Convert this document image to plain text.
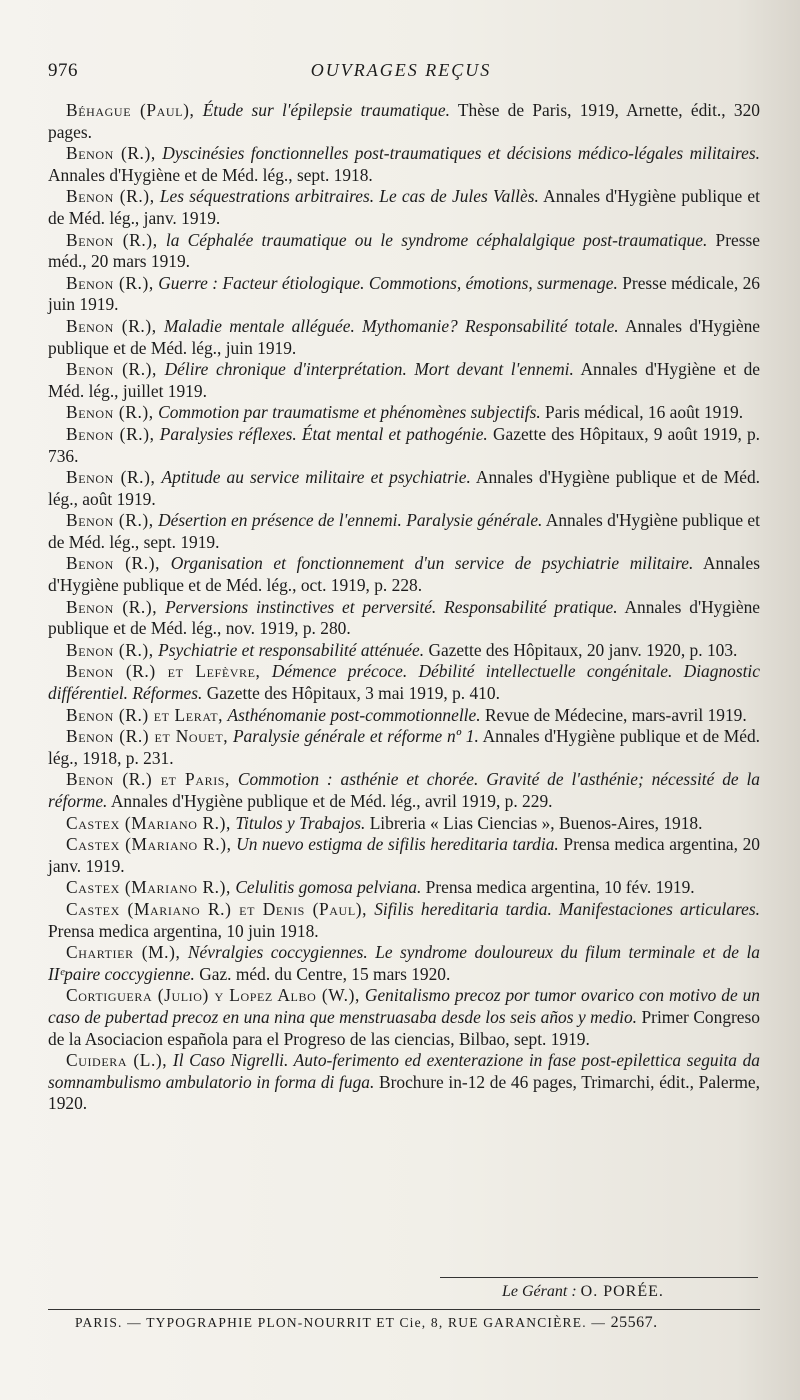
976	OUVRAGES REÇUS

Béhague (Paul), Étude sur l'épilepsie traumatique. Thèse de Paris, 1919, Arnette, édit., 320 pages.

Benon (R.), Dyscinésies fonctionnelles post-traumatiques et décisions médico-légales militaires. Annales d'Hygiène et de Méd. lég., sept. 1918.

Benon (R.), Les séquestrations arbitraires. Le cas de Jules Vallès. Annales d'Hygiène publique et de Méd. lég., janv. 1919.

Benon (R.), la Céphalée traumatique ou le syndrome céphalalgique post-traumatique. Presse méd., 20 mars 1919.

Benon (R.), Guerre : Facteur étiologique. Commotions, émotions, surmenage. Presse médicale, 26 juin 1919.

Benon (R.), Maladie mentale alléguée. Mythomanie? Responsabilité totale. Annales d'Hygiène publique et de Méd. lég., juin 1919.

Benon (R.), Délire chronique d'interprétation. Mort devant l'ennemi. Annales d'Hygiène et de Méd. lég., juillet 1919.

Benon (R.), Commotion par traumatisme et phénomènes subjectifs. Paris médical, 16 août 1919.

Benon (R.), Paralysies réflexes. État mental et pathogénie. Gazette des Hôpitaux, 9 août 1919, p. 736.

Benon (R.), Aptitude au service militaire et psychiatrie. Annales d'Hygiène publique et de Méd. lég., août 1919.

Benon (R.), Désertion en présence de l'ennemi. Paralysie générale. Annales d'Hygiène publique et de Méd. lég., sept. 1919.

Benon (R.), Organisation et fonctionnement d'un service de psychiatrie militaire. Annales d'Hygiène publique et de Méd. lég., oct. 1919, p. 228.

Benon (R.), Perversions instinctives et perversité. Responsabilité pratique. Annales d'Hygiène publique et de Méd. lég., nov. 1919, p. 280.

Benon (R.), Psychiatrie et responsabilité atténuée. Gazette des Hôpitaux, 20 janv. 1920, p. 103.

Benon (R.) et Lefèvre, Démence précoce. Débilité intellectuelle congénitale. Diagnostic différentiel. Réformes. Gazette des Hôpitaux, 3 mai 1919, p. 410.

Benon (R.) et Lerat, Asthénomanie post-commotionnelle. Revue de Médecine, mars-avril 1919.

Benon (R.) et Nouet, Paralysie générale et réforme nº 1. Annales d'Hygiène publique et de Méd. lég., 1918, p. 231.

Benon (R.) et Paris, Commotion : asthénie et chorée. Gravité de l'asthénie; nécessité de la réforme. Annales d'Hygiène publique et de Méd. lég., avril 1919, p. 229.

Castex (Mariano R.), Titulos y Trabajos. Libreria « Lias Ciencias », Buenos-Aires, 1918.

Castex (Mariano R.), Un nuevo estigma de sifilis hereditaria tardia. Prensa medica argentina, 20 janv. 1919.

Castex (Mariano R.), Celulitis gomosa pelviana. Prensa medica argentina, 10 fév. 1919.

Castex (Mariano R.) et Denis (Paul), Sifilis hereditaria tardia. Manifestaciones articulares. Prensa medica argentina, 10 juin 1918.

Chartier (M.), Névralgies coccygiennes. Le syndrome douloureux du filum terminale et de la IIᵉpaire coccygienne. Gaz. méd. du Centre, 15 mars 1920.

Cortiguera (Julio) y Lopez Albo (W.), Genitalismo precoz por tumor ovarico con motivo de un caso de pubertad precoz en una nina que menstruasaba desde los seis años y medio. Primer Congreso de la Asociacion española para el Progreso de las ciencias, Bilbao, sept. 1919.

Cuidera (L.), Il Caso Nigrelli. Auto-ferimento ed exenterazione in fase post-epilettica seguita da somnambulismo ambulatorio in forma di fuga. Brochure in-12 de 46 pages, Trimarchi, édit., Palerme, 1920.

Le Gérant : O. PORÉE.
PARIS. — TYPOGRAPHIE PLON-NOURRIT ET Cie, 8, RUE GARANCIÈRE. — 25567.
